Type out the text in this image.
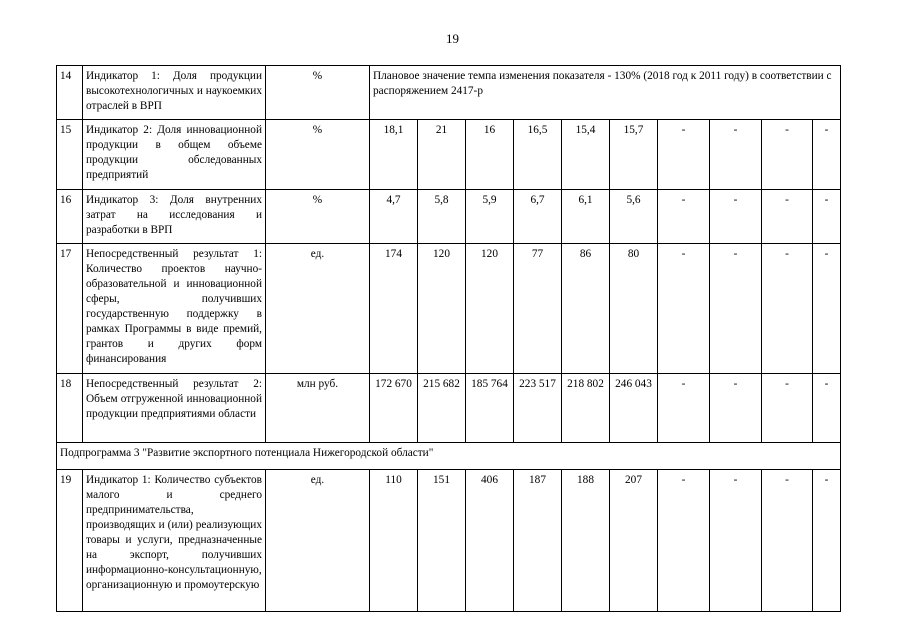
19
14	Индикатор 1: Доля продукции высокотехнологичных и наукоемких отраслей в ВРП	%	Плановое значение темпа изменения показателя - 130% (2018 год к 2011 году) в соответствии с распоряжением 2417-р									
15	Индикатор 2: Доля инновационной продукции в общем объеме продукции обследованных предприятий	%	18,1	21	16	16,5	15,4	15,7	-	-	-	-
16	Индикатор 3: Доля внутренних затрат на исследования и разработки в ВРП	%	4,7	5,8	5,9	6,7	6,1	5,6	-	-	-	-
17	Непосредственный результат 1: Количество проектов научно-образовательной и инновационной сферы, получивших государственную поддержку в рамках Программы в виде премий, грантов и других форм финансирования	ед.	174	120	120	77	86	80	-	-	-	-
18	Непосредственный результат 2: Объем отгруженной инновационной продукции предприятиями области	млн руб.	172 670	215 682	185 764	223 517	218 802	246 043	-	-	-	-
Подпрограмма 3 "Развитие экспортного потенциала Нижегородской области"												
19	Индикатор 1: Количество субъектов малого и среднего предпринимательства, производящих и (или) реализующих товары и услуги, предназначенные на экспорт, получивших информационно-консультационную, организационную и промоутерскую	ед.	110	151	406	187	188	207	-	-	-	-
